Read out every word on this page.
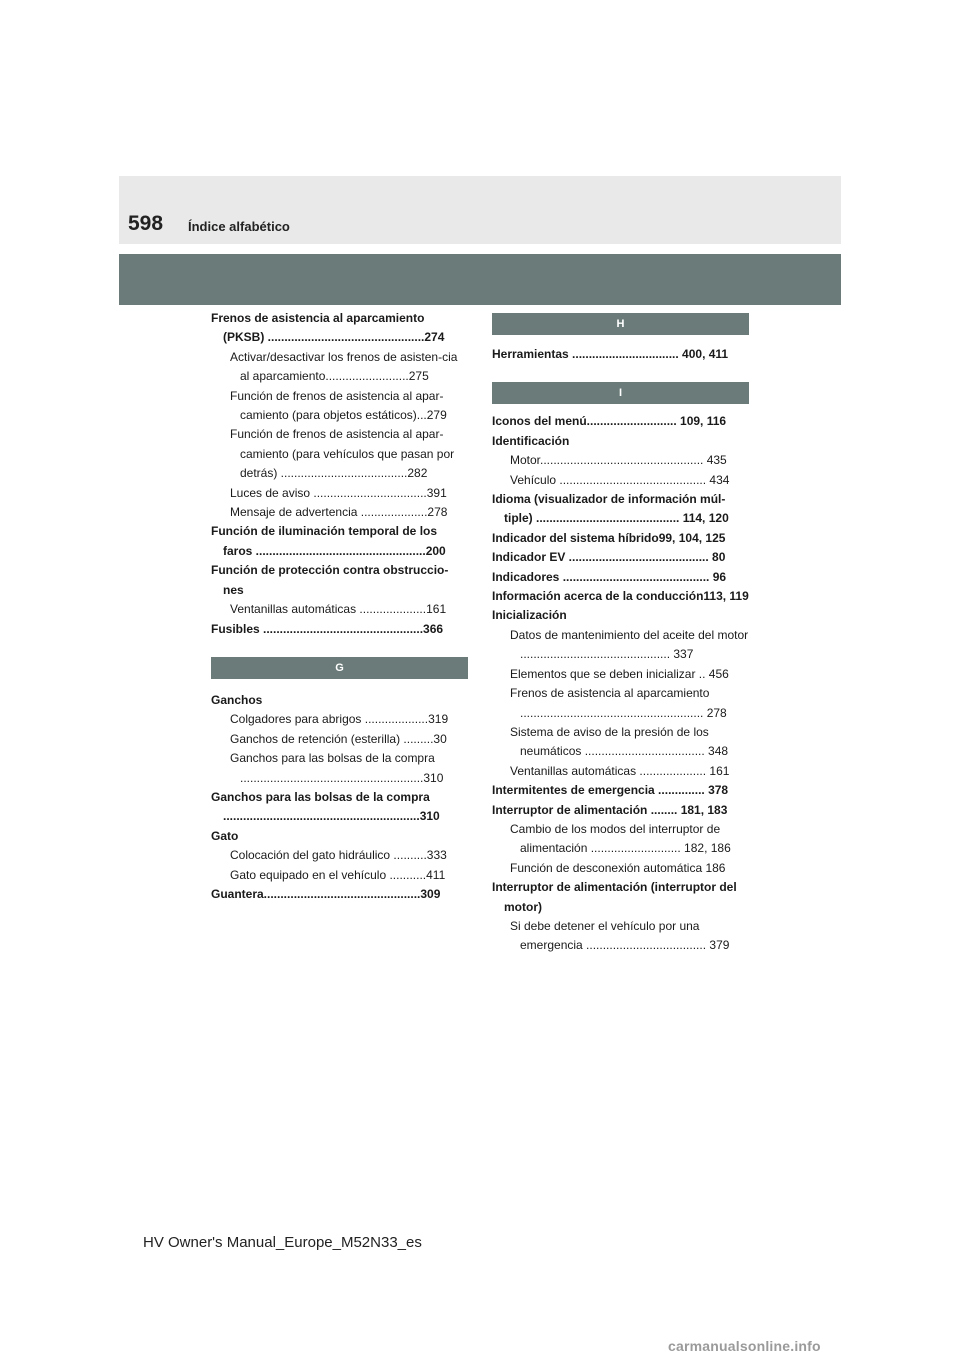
598 Índice alfabético
Frenos de asistencia al aparcamiento (PKSB) ...............................................274
Activar/desactivar los frenos de asisten-cia al aparcamiento.........................275
Función de frenos de asistencia al apar-camiento (para objetos estáticos)...279
Función de frenos de asistencia al apar-camiento (para vehículos que pasan por detrás) ......................................282
Luces de aviso ..................................391
Mensaje de advertencia ....................278
Función de iluminación temporal de los faros ...................................................200
Función de protección contra obstruccio-nes
Ventanillas automáticas ....................161
Fusibles ................................................366
G
Ganchos
Colgadores para abrigos ...................319
Ganchos de retención (esterilla) .........30
Ganchos para las bolsas de la compra .......................................................310
Ganchos para las bolsas de la compra ...........................................................310
Gato
Colocación del gato hidráulico ..........333
Gato equipado en el vehículo ...........411
Guantera...............................................309
H
Herramientas ................................ 400, 411
I
Iconos del menú........................... 109, 116
Identificación
Motor................................................. 435
Vehículo ............................................ 434
Idioma (visualizador de información múl-tiple) ........................................... 114, 120
Indicador del sistema híbrido99, 104, 125
Indicador EV .......................................... 80
Indicadores ............................................ 96
Información acerca de la conducción113, 119
Inicialización
Datos de mantenimiento del aceite del motor ............................................. 337
Elementos que se deben inicializar .. 456
Frenos de asistencia al aparcamiento ....................................................... 278
Sistema de aviso de la presión de los neumáticos .................................... 348
Ventanillas automáticas .................... 161
Intermitentes de emergencia .............. 378
Interruptor de alimentación ........ 181, 183
Cambio de los modos del interruptor de alimentación ........................... 182, 186
Función de desconexión automática 186
Interruptor de alimentación (interruptor del motor)
Si debe detener el vehículo por una emergencia .................................... 379
HV Owner's Manual_Europe_M52N33_es
carmanualsonline.info
